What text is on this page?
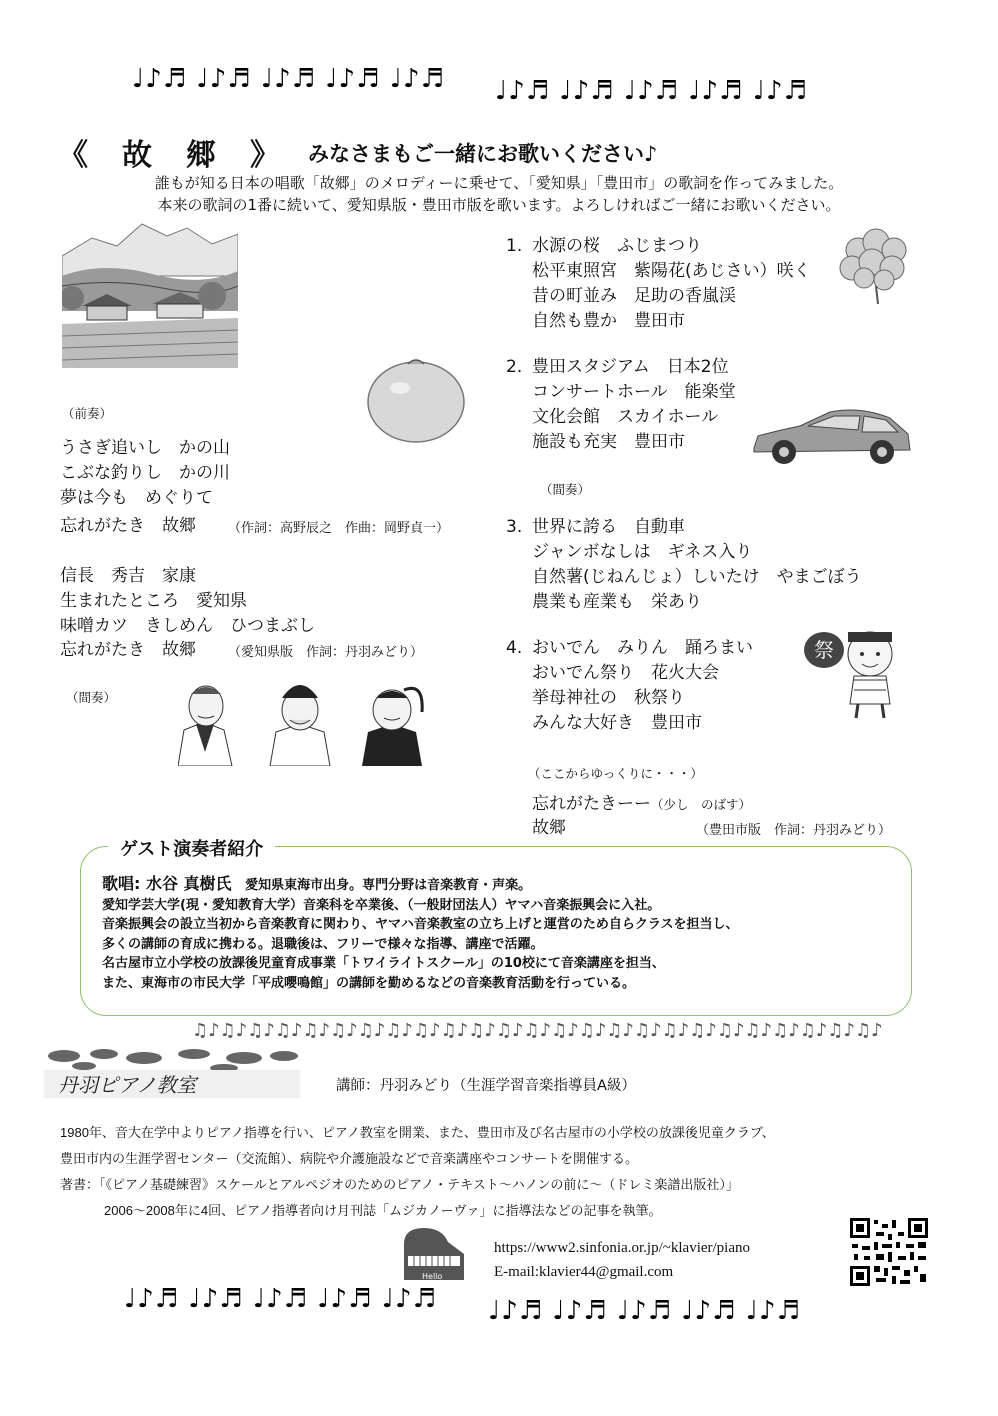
♩♪♬ ♩♪♬ ♩♪♬ ♩♪♬ ♩♪♬ ♩♪♬ ♩♪♬ ♩♪♬ ♩♪♬ ♩♪♬
《　故　郷　》 みなさまもご一緒にお歌いください♪
誰もが知る日本の唱歌「故郷」のメロディーに乗せて、「愛知県」「豊田市」の歌詞を作ってみました。
本来の歌詞の1番に続いて、愛知県版・豊田市版を歌います。よろしければご一緒にお歌いください。
（前奏）
うさぎ追いし　かの山
こぶな釣りし　かの川
夢は今も　めぐりて
忘れがたき　故郷 （作詞：高野辰之　作曲：岡野貞一）
信長　秀吉　家康
生まれたところ　愛知県
味噌カツ　きしめん　ひつまぶし
忘れがたき　故郷 （愛知県版　作詞：丹羽みどり）
（間奏）
1. 水源の桜　ふじまつり
松平東照宮　紫陽花(あじさい）咲く
昔の町並み　足助の香嵐渓
自然も豊か　豊田市
2. 豊田スタジアム　日本2位
コンサートホール　能楽堂
文化会館　スカイホール
施設も充実　豊田市
（間奏）
3. 世界に誇る　自動車
ジャンボなしは　ギネス入り
自然薯(じねんじょ）しいたけ　やまごぼう
農業も産業も　栄あり
4. おいでん　みりん　踊ろまい
おいでん祭り　花火大会
挙母神社の　秋祭り
みんな大好き　豊田市
祭
（ここからゆっくりに・・・）
忘れがたきーー（少し　のばす）
故郷	（豊田市版　作詞：丹羽みどり）
ゲスト演奏者紹介
歌唱: 水谷 真樹氏 愛知県東海市出身。専門分野は音楽教育・声楽。
愛知学芸大学(現・愛知教育大学）音楽科を卒業後、（一般財団法人）ヤマハ音楽振興会に入社。
音楽振興会の設立当初から音楽教育に関わり、ヤマハ音楽教室の立ち上げと運営のため自らクラスを担当し、
多くの講師の育成に携わる。退職後は、フリーで様々な指導、講座で活躍。
名古屋市立小学校の放課後児童育成事業「トワイライトスクール」の10校にて音楽講座を担当、
また、東海市の市民大学「平成嚶鳴館」の講師を勤めるなどの音楽教育活動を行っている。
♫♪♫♪♫♪♫♪♫♪♫♪♫♪♫♪♫♪♫♪♫♪♫♪♫♪♫♪♫♪♫♪♫♪♫♪♫♪♫♪♫♪♫♪♫♪♫♪♫♪
丹羽ピアノ教室	講師：丹羽みどり（生涯学習音楽指導員A級）
1980年、音大在学中よりピアノ指導を行い、ピアノ教室を開業、また、豊田市及び名古屋市の小学校の放課後児童クラブ、
豊田市内の生涯学習センター（交流館）、病院や介護施設などで音楽講座やコンサートを開催する。
著書：「《ピアノ基礎練習》スケールとアルペジオのためのピアノ・テキスト～ハノンの前に～（ドレミ楽譜出版社）」
2006～2008年に4回、ピアノ指導者向け月刊誌「ムジカノーヴァ」に指導法などの記事を執筆。
Hello
https://www2.sinfonia.or.jp/~klavier/piano
E-mail:klavier44@gmail.com
♩♪♬ ♩♪♬ ♩♪♬ ♩♪♬ ♩♪♬ ♩♪♬ ♩♪♬ ♩♪♬ ♩♪♬ ♩♪♬
